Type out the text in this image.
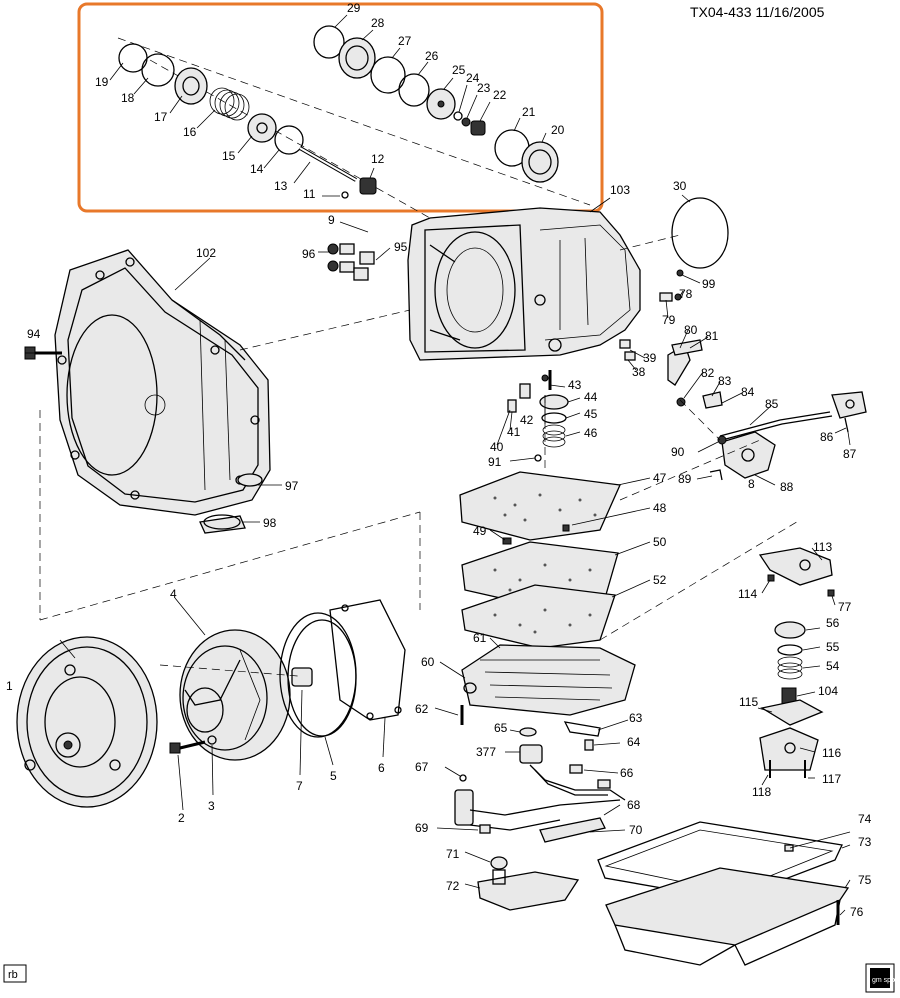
TX04-433 11/16/2005
1
2
3
4
5
6
7
8
9
11
12
13
14
15
16
17
18
19
20
21
22
23
24
25
26
27
28
29
30
38
39
40
41
42
43
44
45
46
47
48
49
50
52
54
55
56
60
61
62
63
64
65
66
67
68
69	70
71
72
73
74
75
76
77
78
79
80 81
82
83
84
85
86
87
88
89
90
91
94
95
96
97
98
99
102
103
104
113
114
115
116
117
118
377
rb	gm spo
